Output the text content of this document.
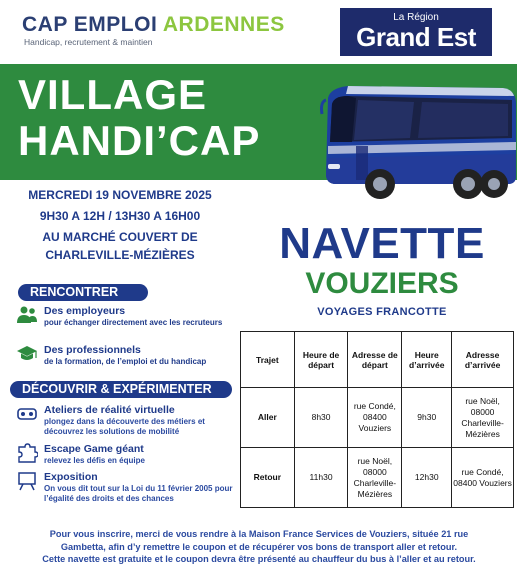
CAP EMPLOI ARDENNES
Handicap, recrutement & maintien
La Région
Grand Est
VILLAGE
HANDI’CAP
MERCREDI 19 NOVEMBRE 2025
9H30 A 12H / 13H30 A 16H00
AU MARCHÉ COUVERT DE
CHARLEVILLE-MÉZIÈRES	NAVETTE
VOUZIERS
VOYAGES FRANCOTTE
RENCONTRER
Des employeurs
pour échanger directement avec les recruteurs
Des professionnels
de la formation, de l’emploi et du handicap
DÉCOUVRIR & EXPÉRIMENTER
Ateliers de réalité virtuelle
plongez dans la découverte des métiers et découvrez les solutions de mobilité
Escape Game géant
relevez les défis en équipe
Exposition
On vous dit tout sur la Loi du 11 février 2005 pour l’égalité des droits et des chances
Trajet	Heure de départ	Adresse de départ	Heure d’arrivée	Adresse d’arrivée
Aller	8h30	rue Condé, 08400 Vouziers	9h30	rue Noël, 08000 Charleville-Mézières
Retour	11h30	rue Noël, 08000 Charleville-Mézières	12h30	rue Condé, 08400 Vouziers
Pour vous inscrire, merci de vous rendre à la Maison France Services de Vouziers, située 21 rue
Gambetta, afin d’y remettre le coupon et de récupérer vos bons de transport aller et retour.
Cette navette est gratuite et le coupon devra être présenté au chauffeur du bus à l’aller et au retour.
